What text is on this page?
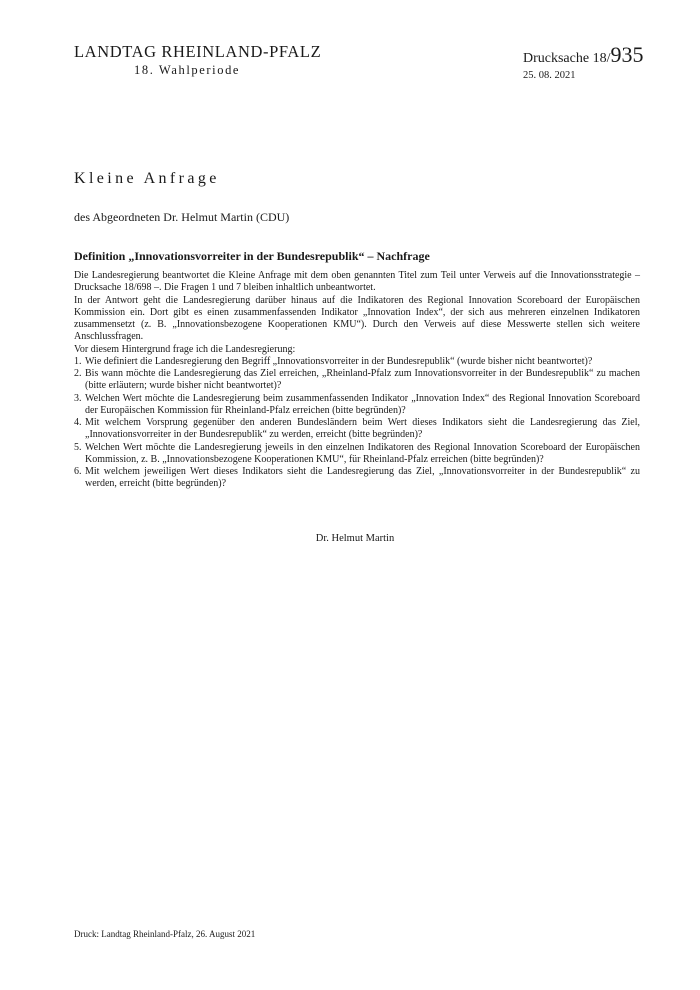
LANDTAG RHEINLAND-PFALZ
18. Wahlperiode
Drucksache 18/ 935
25. 08. 2021
Kleine Anfrage
des Abgeordneten Dr. Helmut Martin (CDU)
Definition „Innovationsvorreiter in der Bundesrepublik“ – Nachfrage

Die Landesregierung beantwortet die Kleine Anfrage mit dem oben genannten Titel zum Teil unter Verweis auf die Innovationsstrategie – Drucksache 18/698 –. Die Fragen 1 und 7 bleiben inhaltlich unbeantwortet.

In der Antwort geht die Landesregierung darüber hinaus auf die Indikatoren des Regional Innovation Scoreboard der Europäischen Kommission ein. Dort gibt es einen zusammenfassenden Indikator „Innovation Index“, der sich aus mehreren einzelnen Indikatoren zusammensetzt (z. B. „Innovationsbezogene Kooperationen KMU“). Durch den Verweis auf diese Messwerte stellen sich weitere Anschlussfragen.

Vor diesem Hintergrund frage ich die Landesregierung:

1. Wie definiert die Landesregierung den Begriff „Innovationsvorreiter in der Bundesrepublik“ (wurde bisher nicht beantwortet)?
2. Bis wann möchte die Landesregierung das Ziel erreichen, „Rheinland-Pfalz zum Innovationsvorreiter in der Bundesrepublik“ zu machen (bitte erläutern; wurde bisher nicht beantwortet)?
3. Welchen Wert möchte die Landesregierung beim zusammenfassenden Indikator „Innovation Index“ des Regional Innovation Scoreboard der Europäischen Kommission für Rheinland-Pfalz erreichen (bitte begründen)?
4. Mit welchem Vorsprung gegenüber den anderen Bundesländern beim Wert dieses Indikators sieht die Landesregierung das Ziel, „Innovationsvorreiter in der Bundesrepublik“ zu werden, erreicht (bitte begründen)?
5. Welchen Wert möchte die Landesregierung jeweils in den einzelnen Indikatoren des Regional Innovation Scoreboard der Europäischen Kommission, z. B. „Innovationsbezogene Kooperationen KMU“, für Rheinland-Pfalz erreichen (bitte begründen)?
6. Mit welchem jeweiligen Wert dieses Indikators sieht die Landesregierung das Ziel, „Innovationsvorreiter in der Bundesrepublik“ zu werden, erreicht (bitte begründen)?
Dr. Helmut Martin
Druck: Landtag Rheinland-Pfalz, 26. August 2021
